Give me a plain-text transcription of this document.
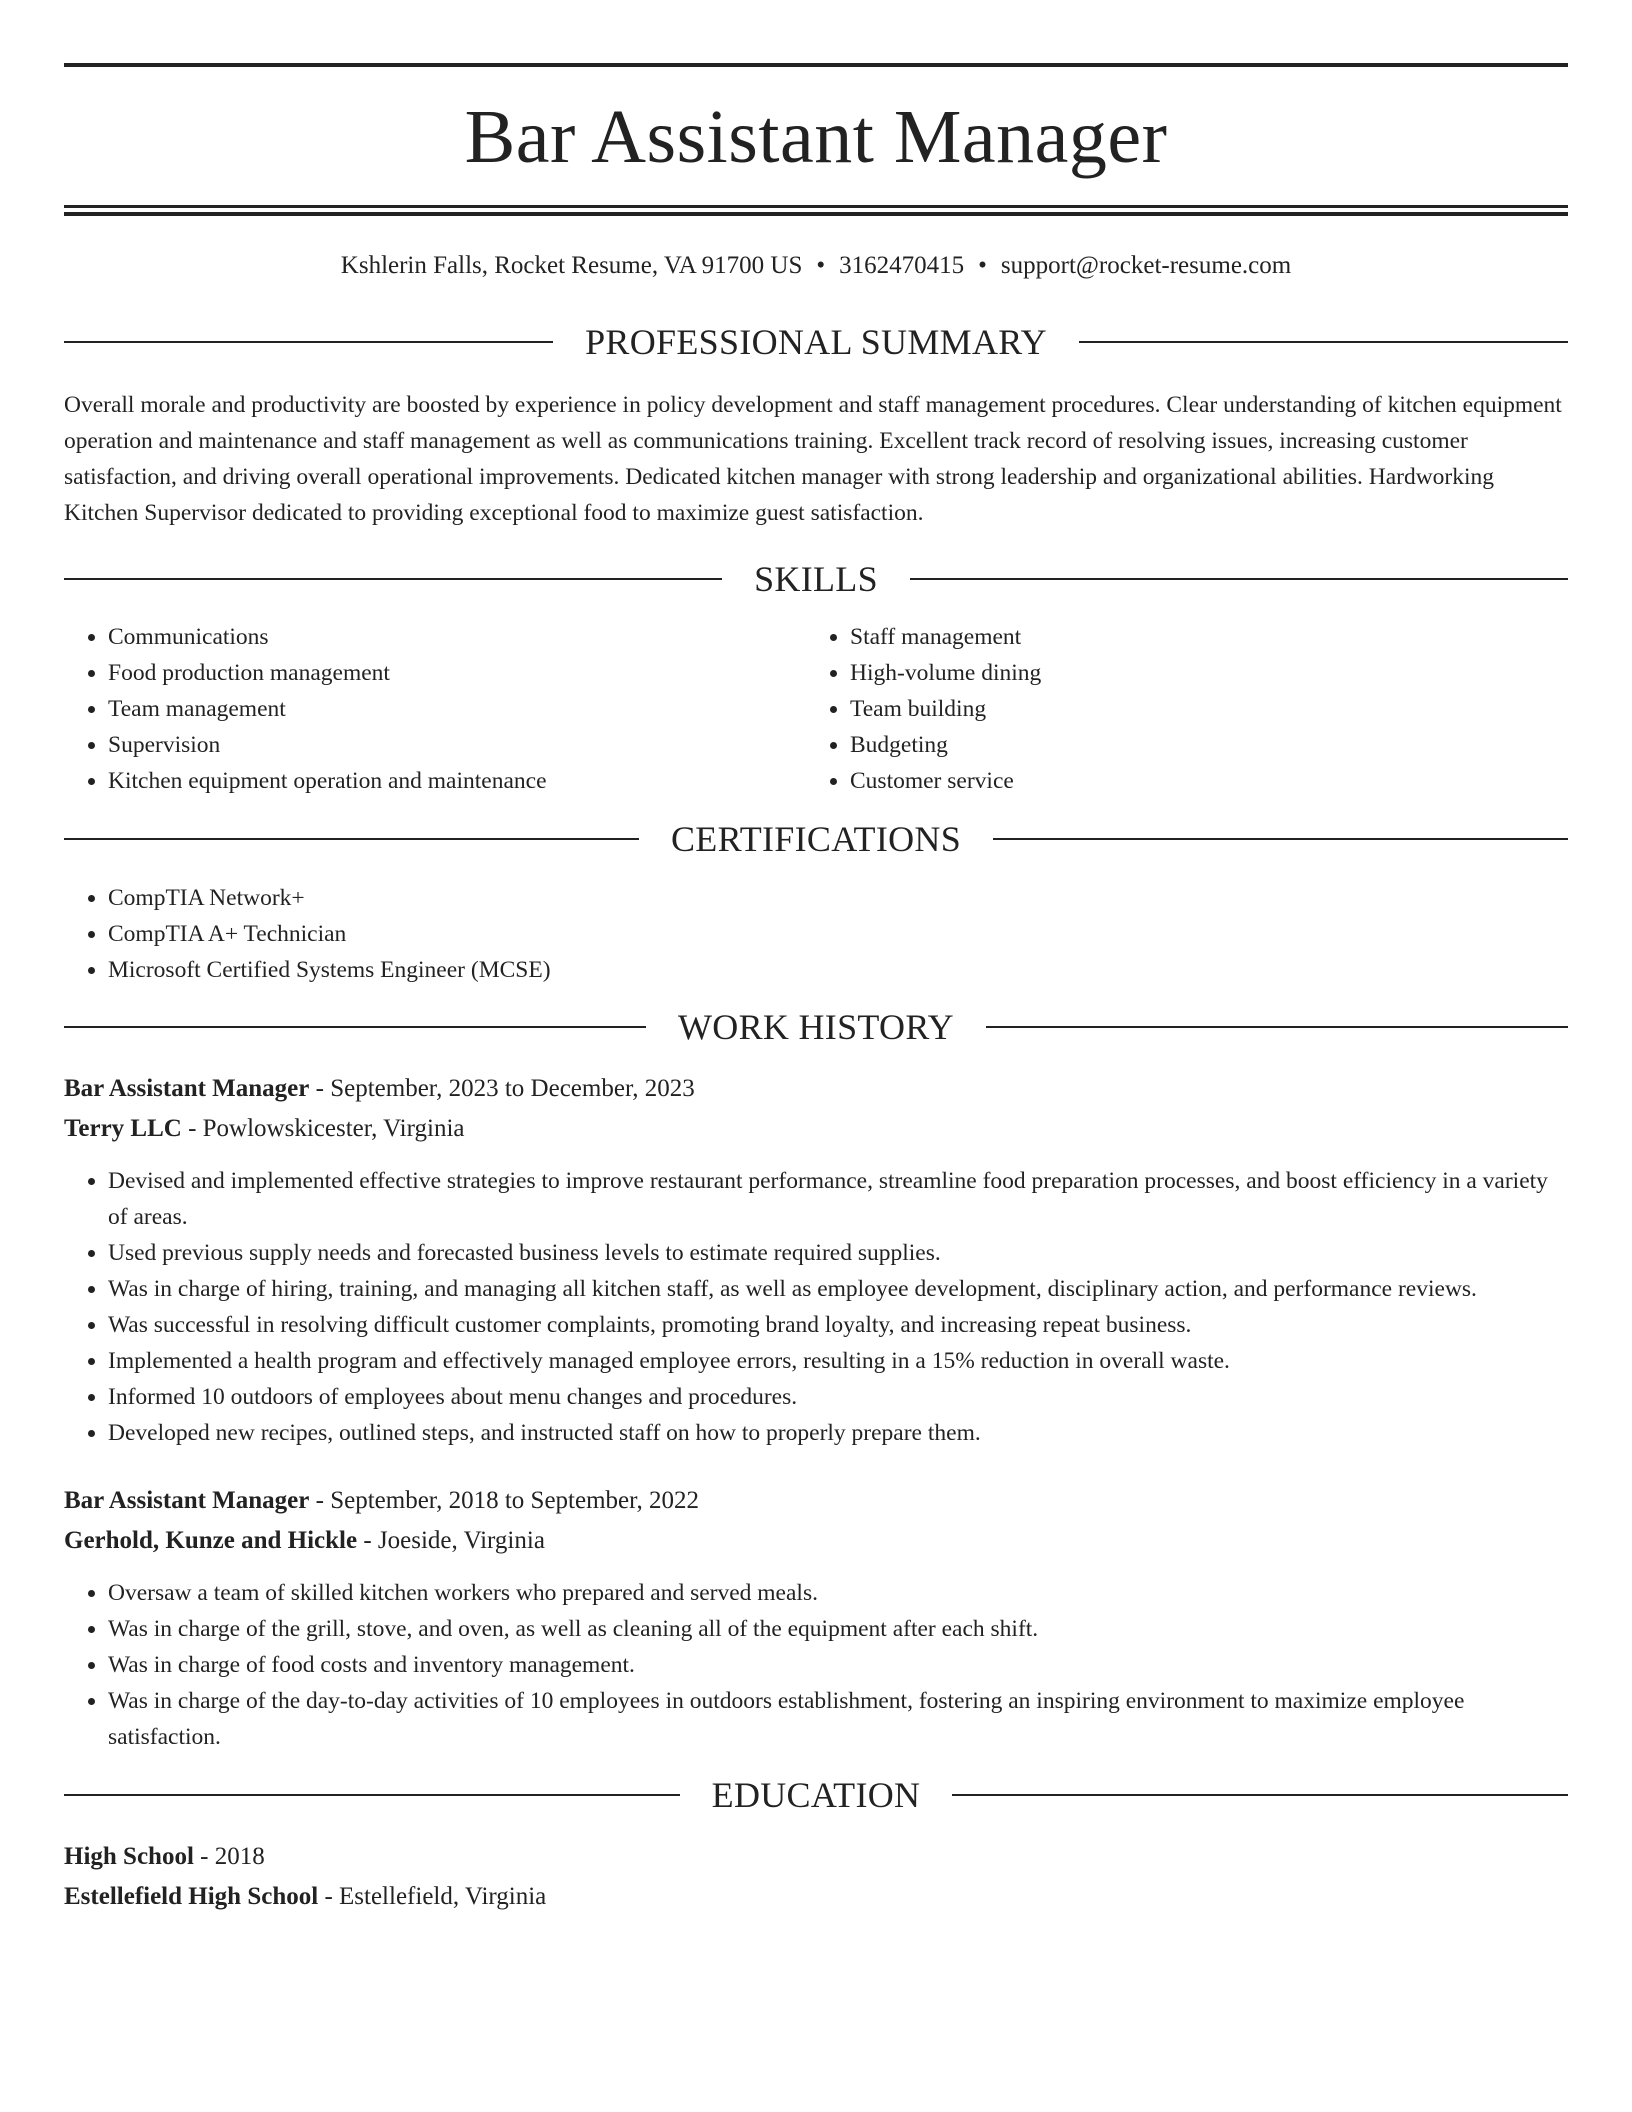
Bar Assistant Manager
Kshlerin Falls, Rocket Resume, VA 91700 US • 3162470415 • support@rocket-resume.com
PROFESSIONAL SUMMARY

Overall morale and productivity are boosted by experience in policy development and staff management procedures. Clear understanding of kitchen equipment operation and maintenance and staff management as well as communications training. Excellent track record of resolving issues, increasing customer satisfaction, and driving overall operational improvements. Dedicated kitchen manager with strong leadership and organizational abilities. Hardworking Kitchen Supervisor dedicated to providing exceptional food to maximize guest satisfaction.

SKILLS
• Communications
• Food production management
• Team management
• Supervision
• Kitchen equipment operation and maintenance
• Staff management
• High-volume dining
• Team building
• Budgeting
• Customer service
CERTIFICATIONS
• CompTIA Network+
• CompTIA A+ Technician
• Microsoft Certified Systems Engineer (MCSE)
WORK HISTORY
Bar Assistant Manager - September, 2023 to December, 2023
Terry LLC - Powlowskicester, Virginia
• Devised and implemented effective strategies to improve restaurant performance, streamline food preparation processes, and boost efficiency in a variety of areas.
• Used previous supply needs and forecasted business levels to estimate required supplies.
• Was in charge of hiring, training, and managing all kitchen staff, as well as employee development, disciplinary action, and performance reviews.
• Was successful in resolving difficult customer complaints, promoting brand loyalty, and increasing repeat business.
• Implemented a health program and effectively managed employee errors, resulting in a 15% reduction in overall waste.
• Informed 10 outdoors of employees about menu changes and procedures.
• Developed new recipes, outlined steps, and instructed staff on how to properly prepare them.
Bar Assistant Manager - September, 2018 to September, 2022
Gerhold, Kunze and Hickle - Joeside, Virginia
• Oversaw a team of skilled kitchen workers who prepared and served meals.
• Was in charge of the grill, stove, and oven, as well as cleaning all of the equipment after each shift.
• Was in charge of food costs and inventory management.
• Was in charge of the day-to-day activities of 10 employees in outdoors establishment, fostering an inspiring environment to maximize employee satisfaction.
EDUCATION
High School - 2018
Estellefield High School - Estellefield, Virginia
